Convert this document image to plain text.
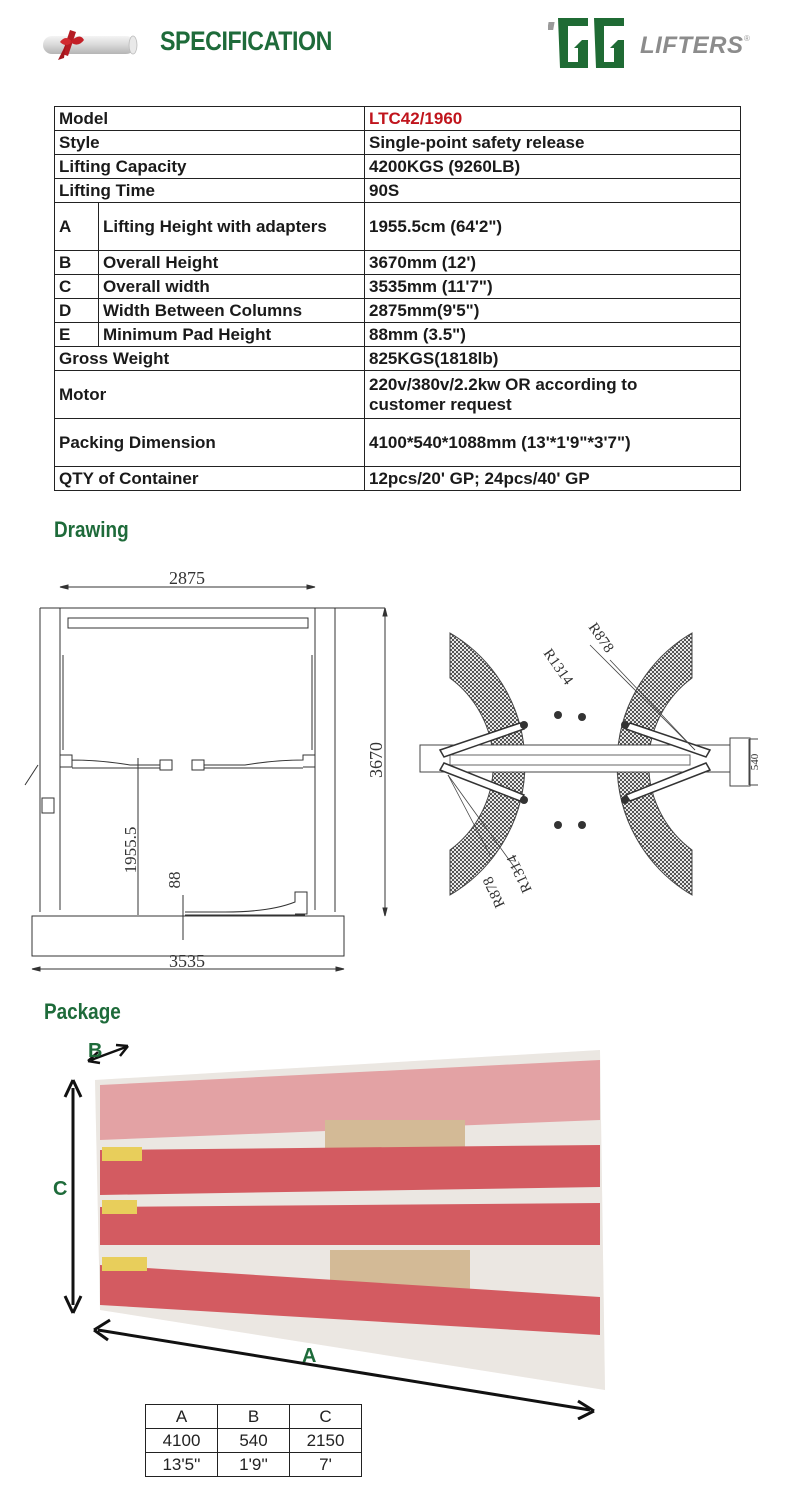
SPECIFICATION	LIFTERS ®
Model		LTC42/1960
Style		Single-point safety release
Lifting Capacity		4200KGS (9260LB)
Lifting Time		90S
A	Lifting Height with adapters	1955.5cm (64'2")
B	Overall Height	3670mm (12')
C	Overall width	3535mm (11'7")
D	Width Between Columns	2875mm(9'5")
E	Minimum Pad Height	88mm (3.5")
Gross Weight		825KGS(1818lb)
Motor		220v/380v/2.2kw OR according to
customer request

Packing Dimension		4100*540*1088mm (13'*1'9"*3'7")
QTY of Container		12pcs/20' GP; 24pcs/40' GP
Drawing
2875
1955.5
88
3670
3535
R1314
R878
R1314
R878
540
Package
B
C
A
A	B	C
4100	540	2150
13'5''	1'9''	7'
